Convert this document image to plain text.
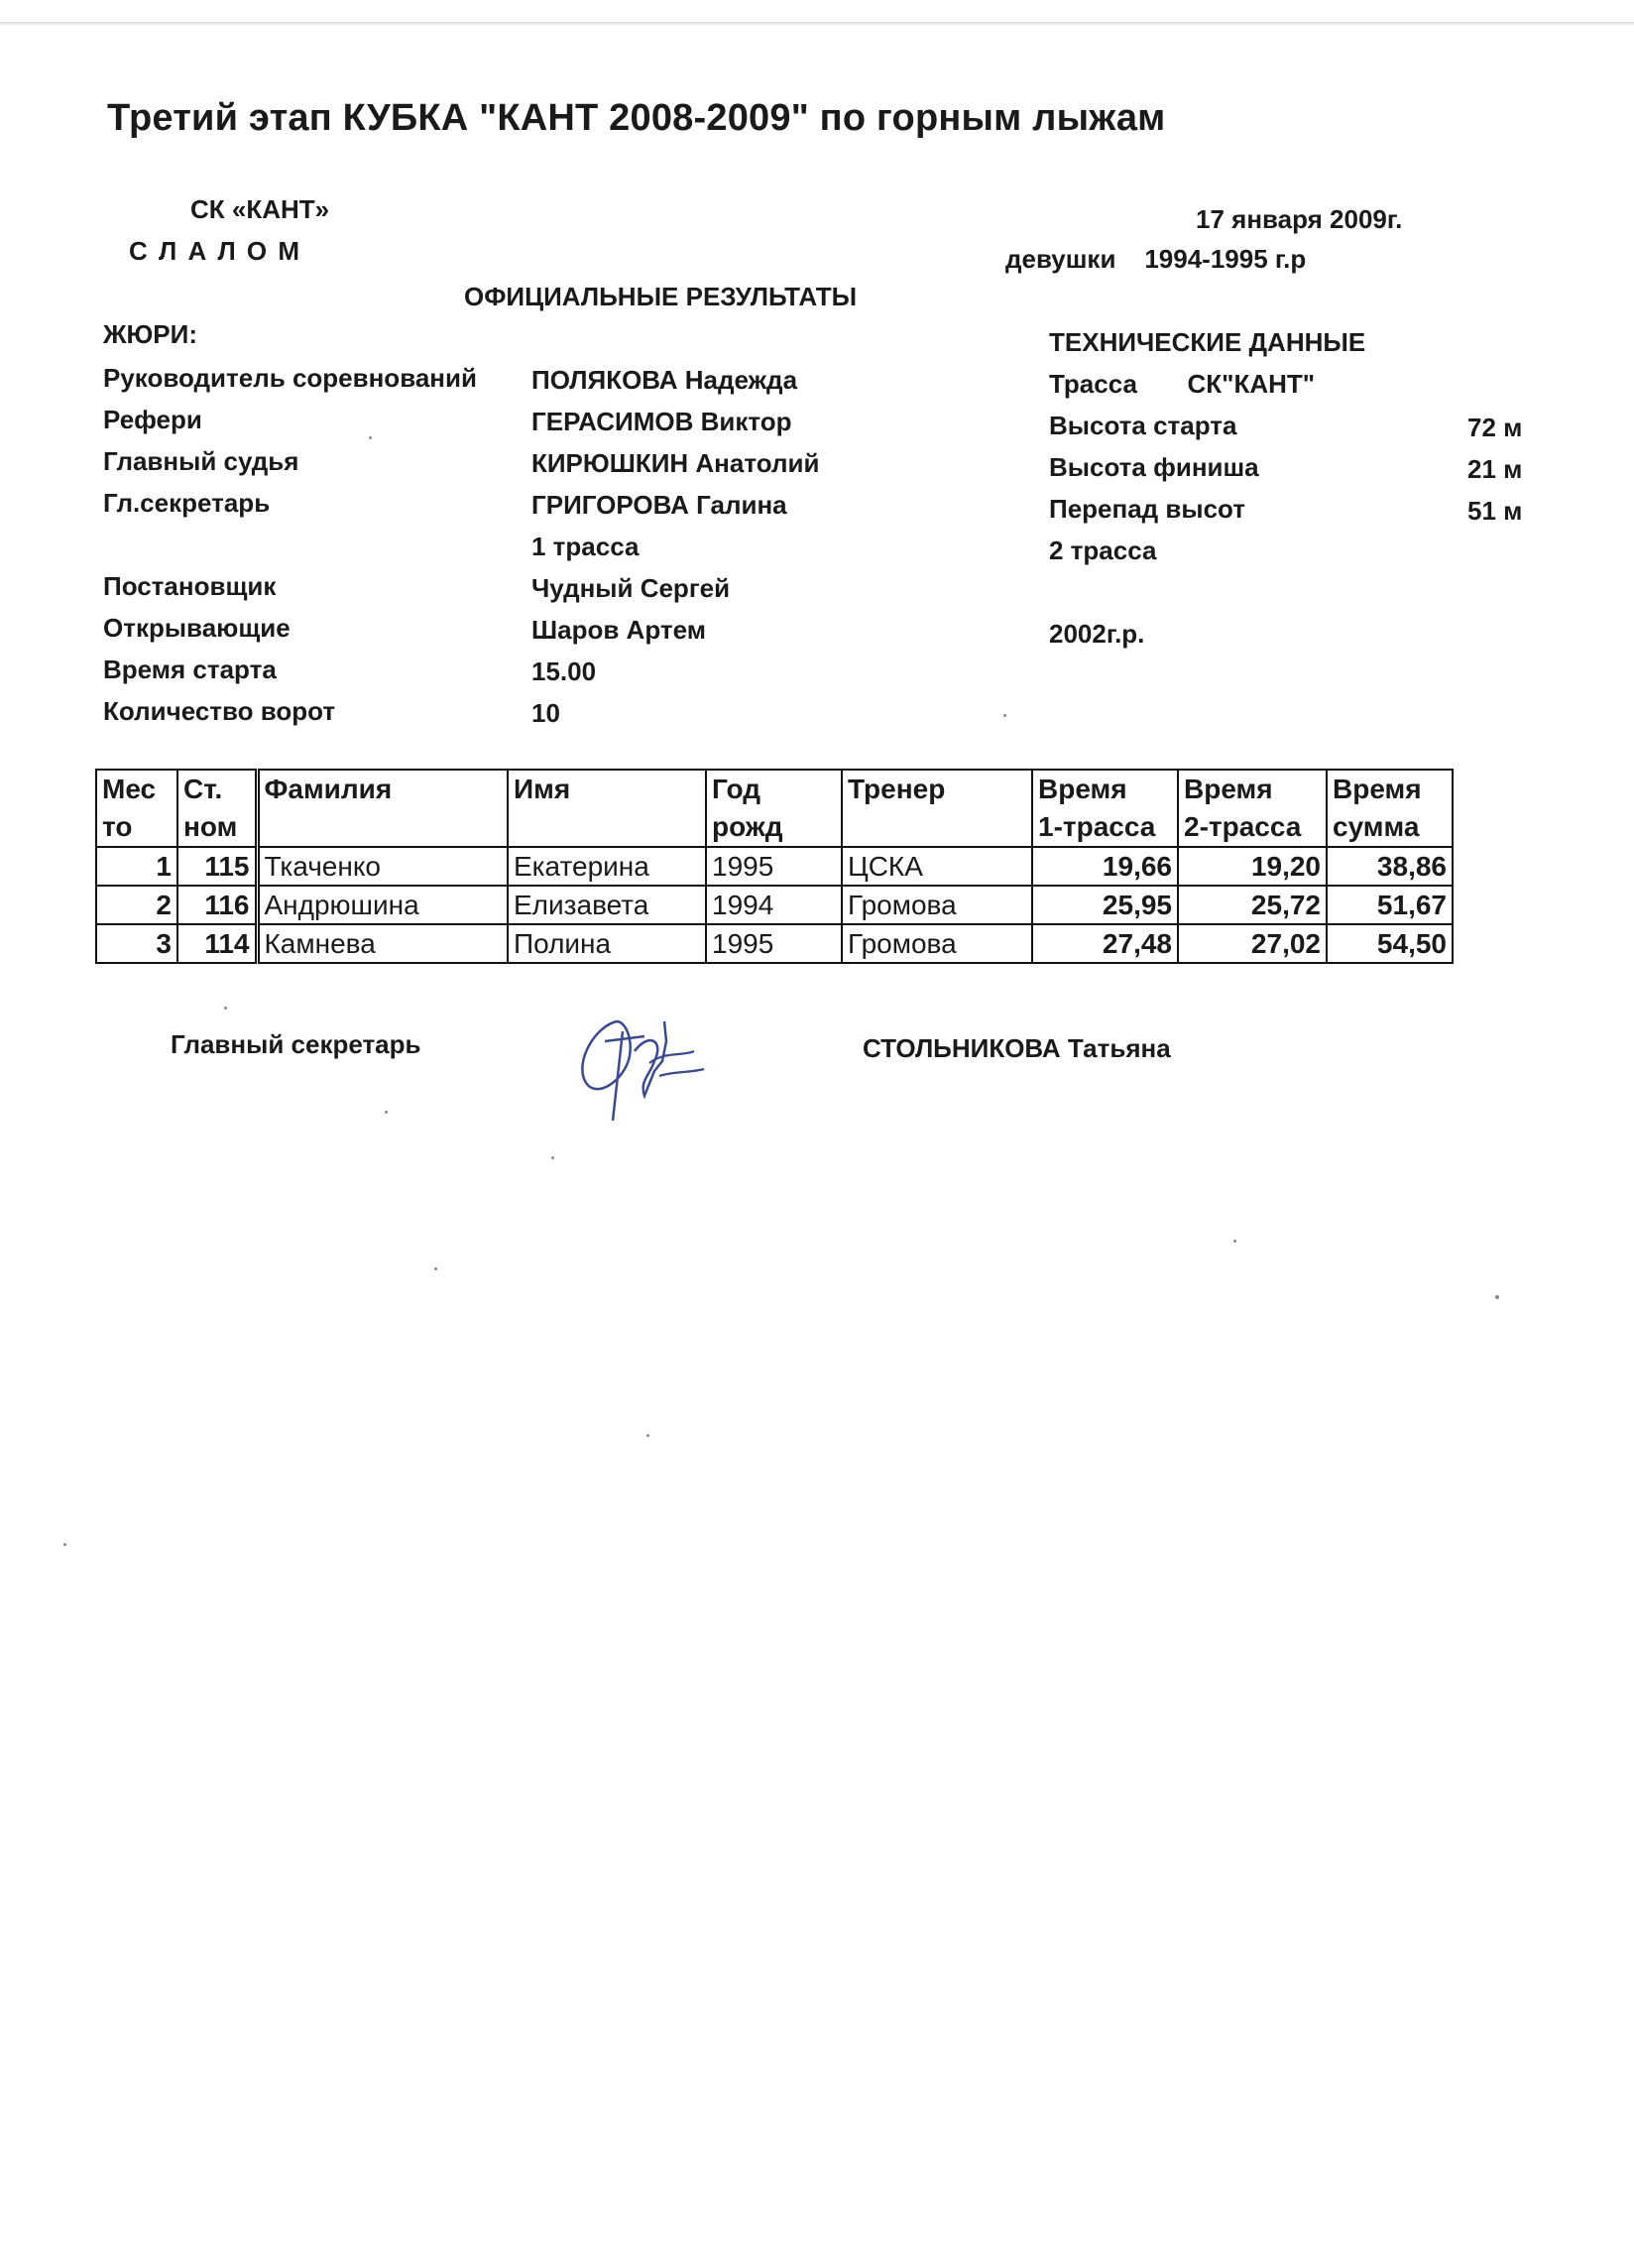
Третий этап КУБКА "КАНТ 2008-2009" по горным лыжам
СК «КАНТ»
С Л А Л О М
17 января 2009г.
девушки    1994-1995 г.р
ОФИЦИАЛЬНЫЕ РЕЗУЛЬТАТЫ
ЖЮРИ:
Руководитель соревнований ПОЛЯКОВА Надежда
Рефери	ГЕРАСИМОВ Виктор
Главный судья	КИРЮШКИН Анатолий
Гл.секретарь	ГРИГОРОВА Галина
1 трасса
Постановщик	Чудный Сергей
Открывающие	Шаров Артем
Время старта	15.00
Количество ворот	10
ТЕХНИЧЕСКИЕ ДАННЫЕ
Трасса       СК"КАНТ"
Высота старта	72 м
Высота финиша	21 м
Перепад высот	51 м
2 трасса
2002г.р.
Мес	Ст.	Фамилия	Имя	Год	Тренер	Время	Время	Время
то	ном			рожд		1-трасса	2-трасса	сумма
1	115	Ткаченко	Екатерина	1995	ЦСКА	19,66	19,20	38,86
2	116	Андрюшина	Елизавета	1994	Громова	25,95	25,72	51,67
3	114	Камнева	Полина	1995	Громова	27,48	27,02	54,50
Главный секретарь	СТОЛЬНИКОВА Татьяна
